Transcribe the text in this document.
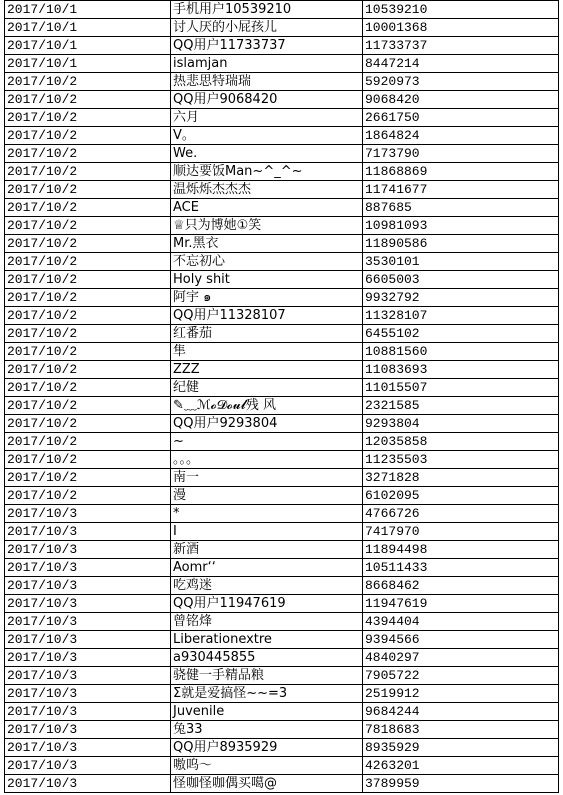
2017/10/1	手机用户10539210	10539210
2017/10/1	讨人厌的小屁孩儿	10001368
2017/10/1	QQ用户11733737	11733737
2017/10/1	islamjan	8447214
2017/10/2	热悲思特瑞瑞	5920973
2017/10/2	QQ用户9068420	9068420
2017/10/2	六月	2661750
2017/10/2	V。	1864824
2017/10/2	We.	7173790
2017/10/2	顺达要饭Man~^_^~	11868869
2017/10/2	温烁烁杰杰杰	11741677
2017/10/2	ACE	887685
2017/10/2	♕只为博她①笑	10981093
2017/10/2	Mr.黑衣	11890586
2017/10/2	不忘初心	3530101
2017/10/2	Holy shit	6605003
2017/10/2	阿宇 ๑	9932792
2017/10/2	QQ用户11328107	11328107
2017/10/2	红番茄	6455102
2017/10/2	隼	10881560
2017/10/2	ZZZ	11083693
2017/10/2	纪健	11015507
2017/10/2	✎﹏ℳ𝓸𝓓𝓸𝓾𝓵残 风	2321585
2017/10/2	QQ用户9293804	9293804
2017/10/2	~	12035858
2017/10/2	。。。	11235503
2017/10/2	南一	3271828
2017/10/2	漫	6102095
2017/10/3	*	4766726
2017/10/3	I	7417970
2017/10/3	新酒	11894498
2017/10/3	Aomr‘‘	10511433
2017/10/3	吃鸡迷	8668462
2017/10/3	QQ用户11947619	11947619
2017/10/3	曾铭烽	4394404
2017/10/3	Liberationextre	9394566
2017/10/3	a930445855	4840297
2017/10/3	骁健一手精品粮	7905722
2017/10/3	Σ就是爱搞怪~~=3	2519912
2017/10/3	Juvenile	9684244
2017/10/3	兔33	7818683
2017/10/3	QQ用户8935929	8935929
2017/10/3	嗷呜～	4263201
2017/10/3	怪咖怪咖偶买噶@	3789959
